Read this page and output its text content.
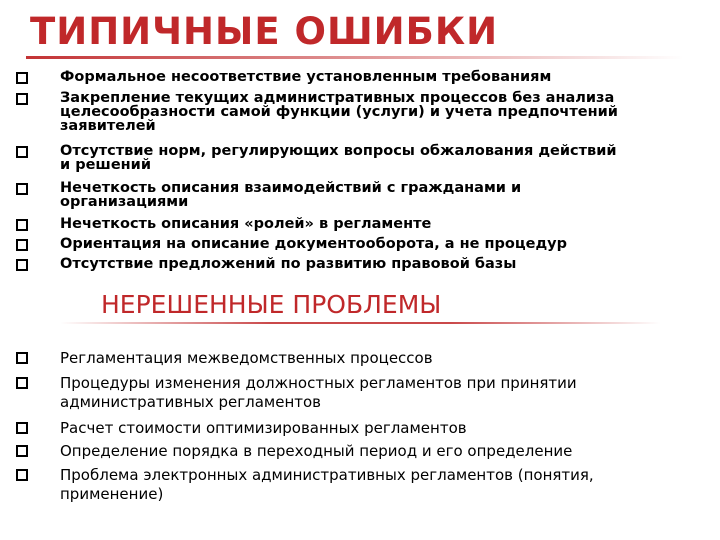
ТИПИЧНЫЕ ОШИБКИ
Формальное несоответствие установленным требованиям
Закрепление текущих административных процессов без анализа
целесообразности самой функции (услуги) и учета предпочтений
заявителей
Отсутствие норм, регулирующих вопросы обжалования действий
и решений
Нечеткость описания взаимодействий с гражданами и
организациями
Нечеткость описания «ролей» в регламенте
Ориентация на описание документооборота, а не процедур
Отсутствие предложений по развитию правовой базы
НЕРЕШЕННЫЕ ПРОБЛЕМЫ
Регламентация межведомственных процессов
Процедуры изменения должностных регламентов при принятии
административных регламентов
Расчет стоимости оптимизированных регламентов
Определение порядка в переходный период и его определение
Проблема электронных административных регламентов (понятия,
применение)
